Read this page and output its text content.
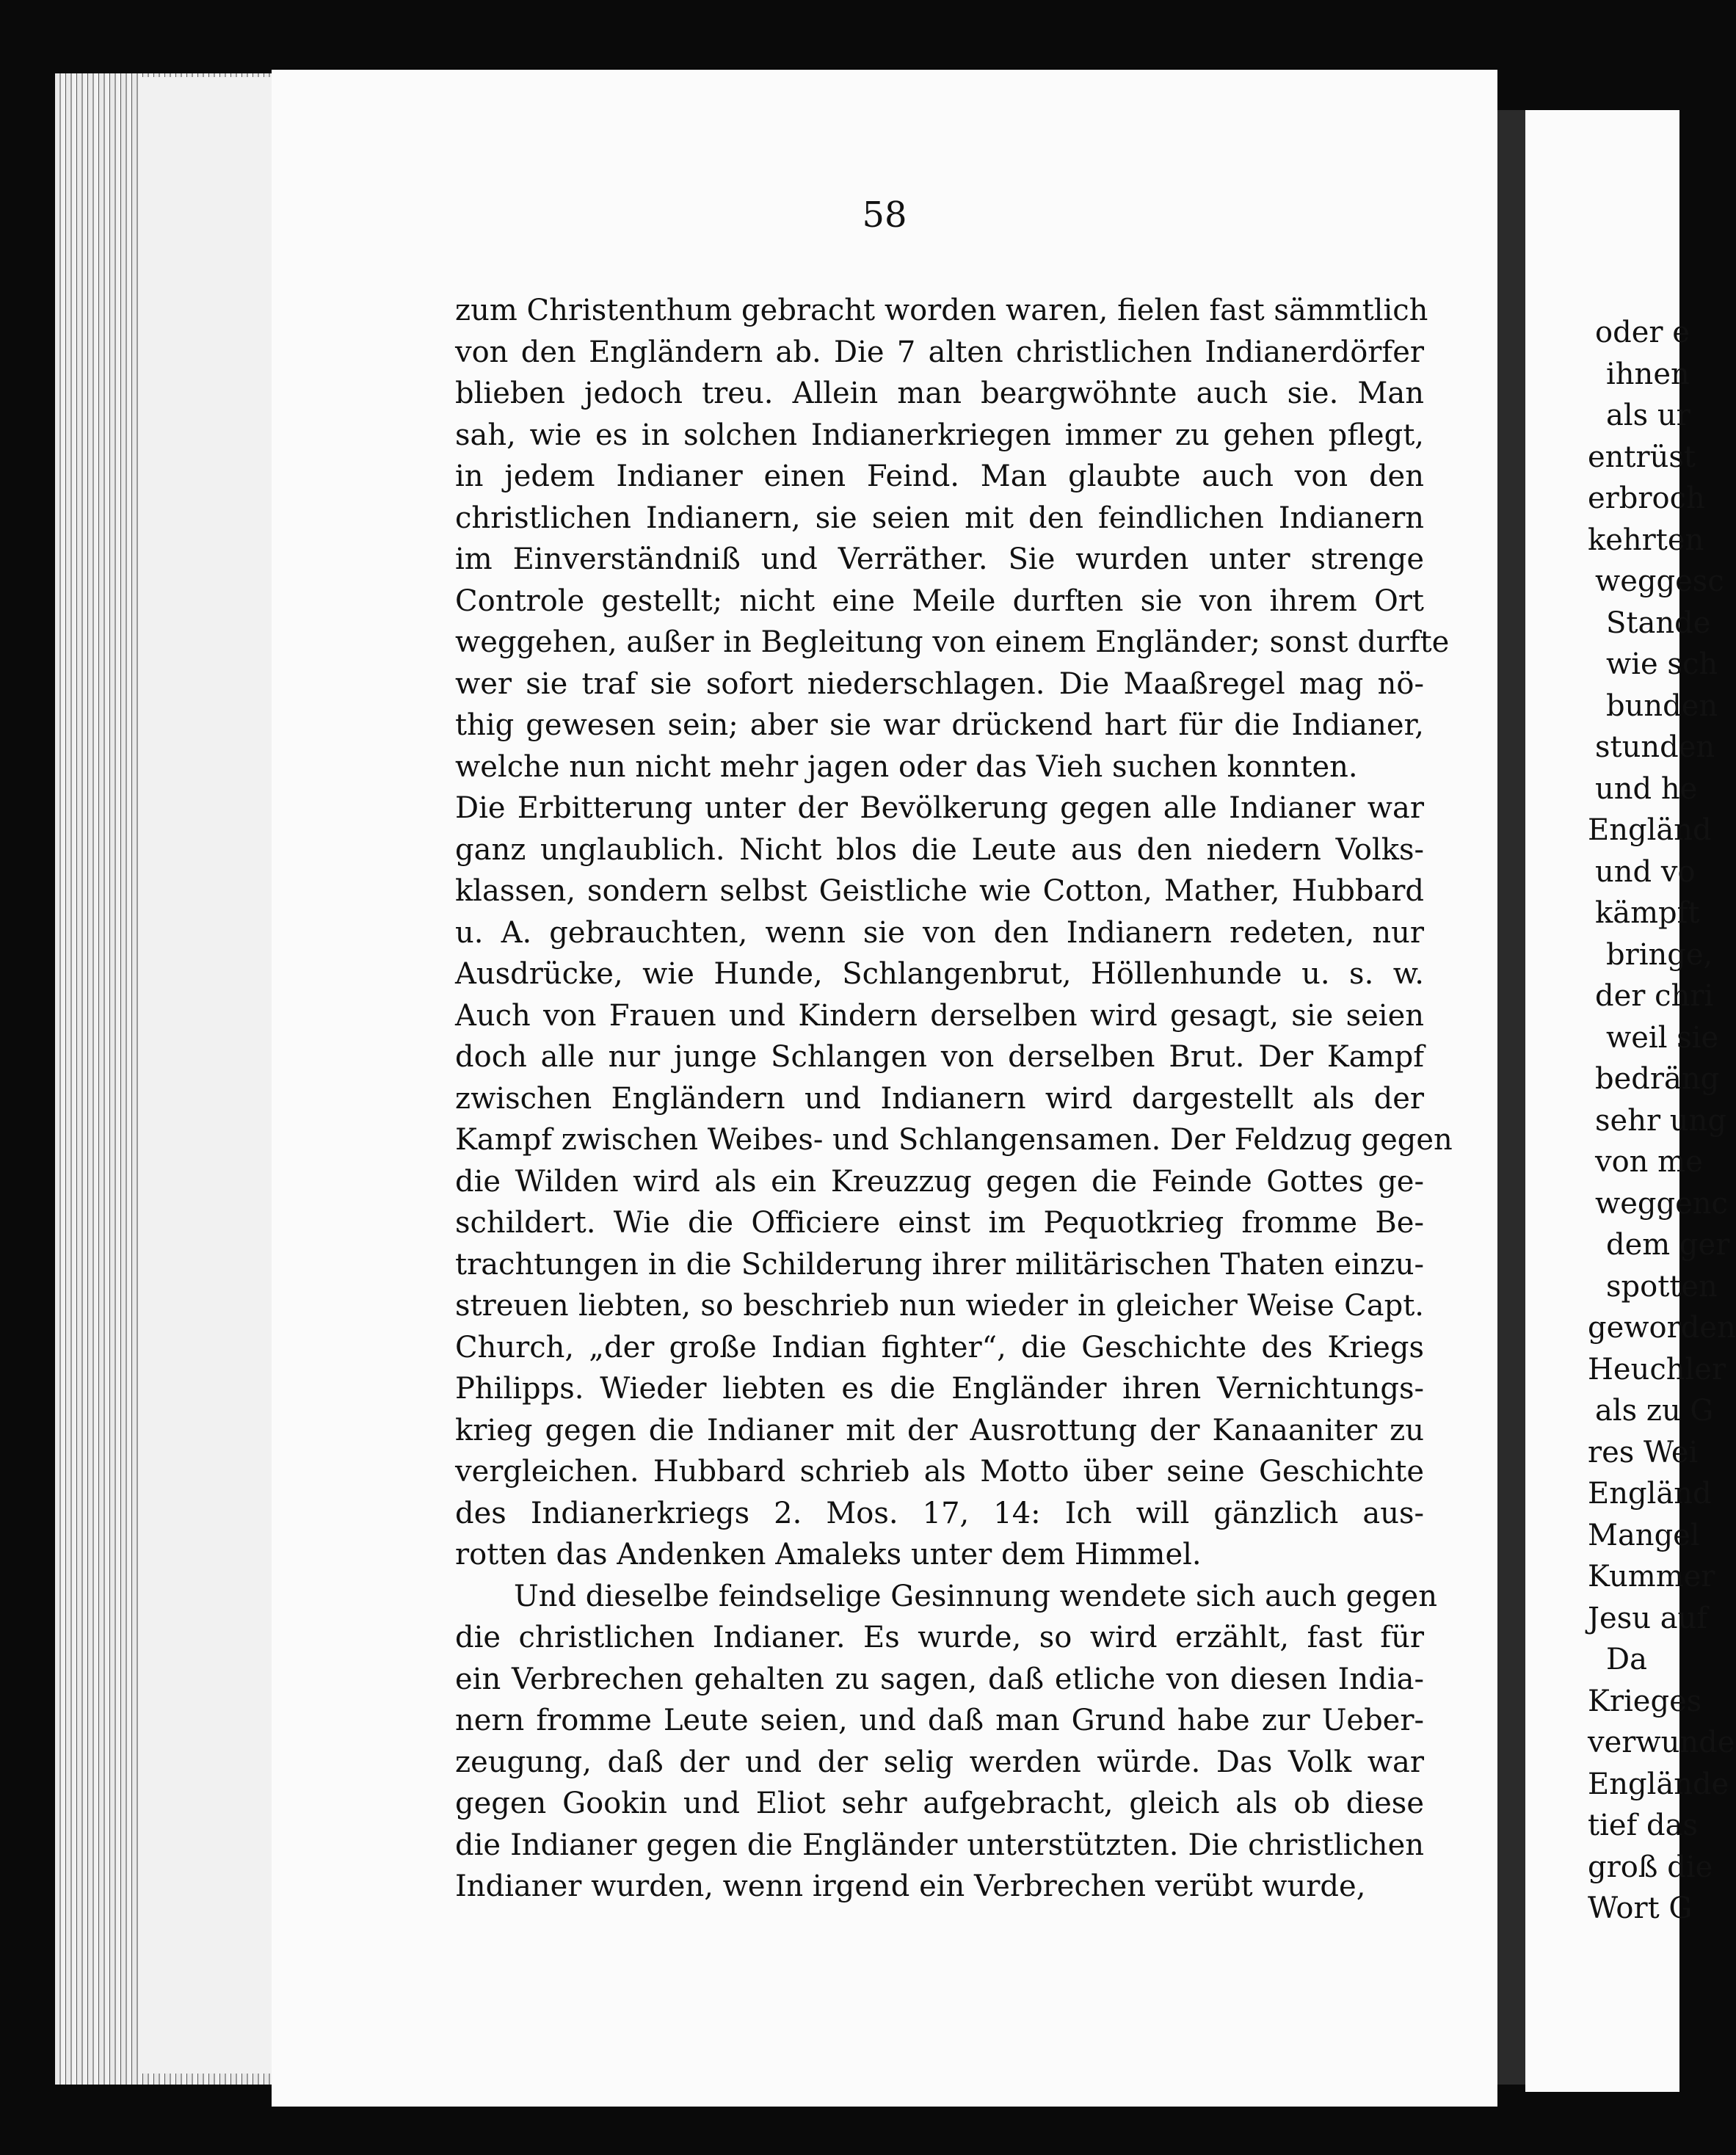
58
zum Christenthum gebracht worden waren, fielen fast sämmtlich
von den Engländern ab. Die 7 alten christlichen Indianerdörfer
blieben jedoch treu. Allein man beargwöhnte auch sie. Man
sah, wie es in solchen Indianerkriegen immer zu gehen pflegt,
in jedem Indianer einen Feind. Man glaubte auch von den
christlichen Indianern, sie seien mit den feindlichen Indianern
im Einverständniß und Verräther. Sie wurden unter strenge
Controle gestellt; nicht eine Meile durften sie von ihrem Ort
weggehen, außer in Begleitung von einem Engländer; sonst durfte
wer sie traf sie sofort niederschlagen. Die Maaßregel mag nö-
thig gewesen sein; aber sie war drückend hart für die Indianer,
welche nun nicht mehr jagen oder das Vieh suchen konnten.
Die Erbitterung unter der Bevölkerung gegen alle Indianer war
ganz unglaublich. Nicht blos die Leute aus den niedern Volks-
klassen, sondern selbst Geistliche wie Cotton, Mather, Hubbard
u. A. gebrauchten, wenn sie von den Indianern redeten, nur
Ausdrücke, wie Hunde, Schlangenbrut, Höllenhunde u. s. w.
Auch von Frauen und Kindern derselben wird gesagt, sie seien
doch alle nur junge Schlangen von derselben Brut. Der Kampf
zwischen Engländern und Indianern wird dargestellt als der
Kampf zwischen Weibes- und Schlangensamen. Der Feldzug gegen
die Wilden wird als ein Kreuzzug gegen die Feinde Gottes ge-
schildert. Wie die Officiere einst im Pequotkrieg fromme Be-
trachtungen in die Schilderung ihrer militärischen Thaten einzu-
streuen liebten, so beschrieb nun wieder in gleicher Weise Capt.
Church, „der große Indian fighter“, die Geschichte des Kriegs
Philipps. Wieder liebten es die Engländer ihren Vernichtungs-
krieg gegen die Indianer mit der Ausrottung der Kanaaniter zu
vergleichen. Hubbard schrieb als Motto über seine Geschichte
des Indianerkriegs 2. Mos. 17, 14: Ich will gänzlich aus-
rotten das Andenken Amaleks unter dem Himmel.
Und dieselbe feindselige Gesinnung wendete sich auch gegen
die christlichen Indianer. Es wurde, so wird erzählt, fast für
ein Verbrechen gehalten zu sagen, daß etliche von diesen India-
nern fromme Leute seien, und daß man Grund habe zur Ueber-
zeugung, daß der und der selig werden würde. Das Volk war
gegen Gookin und Eliot sehr aufgebracht, gleich als ob diese
die Indianer gegen die Engländer unterstützten. Die christlichen
Indianer wurden, wenn irgend ein Verbrechen verübt wurde,
oder e
ihnen
als ur
entrüst
erbroch
kehrten
weggesc
Stande
wie sch
bunden
stunden
und he
Engländ
und vo
kämpft
bringe,
der chri
weil sie
bedräng
sehr ung
von me
weggenc
dem ger
spotten
geworden
Heuchler
als zu G
res Wei
Engländ
Mangel
Kummer
Jesu auf
Da
Krieges
verwunde
Englände
tief das
groß die
Wort G
